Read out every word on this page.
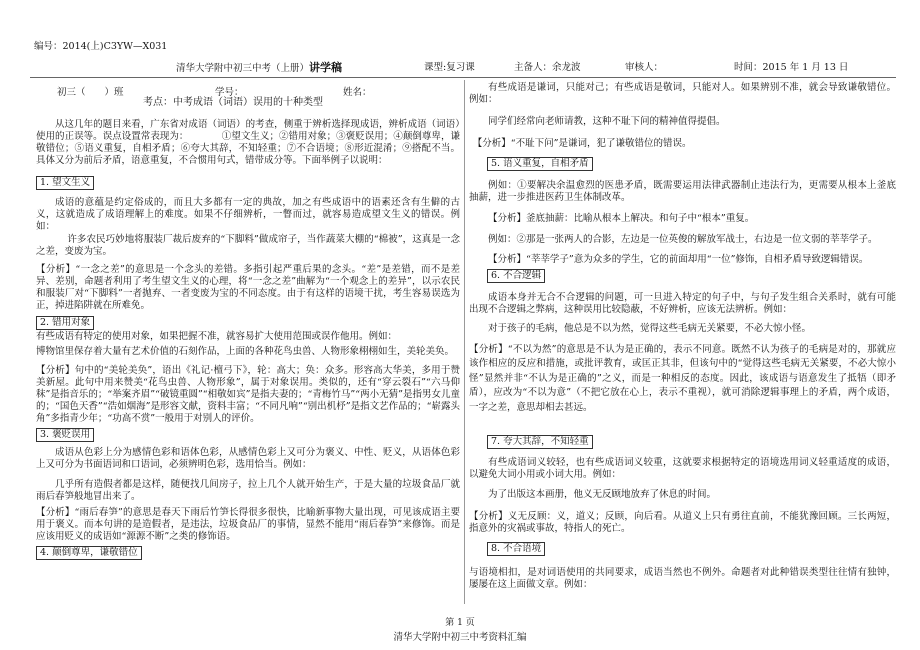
编号：2014(上)C3YW—X031
清华大学附中初三中考（上册）讲学稿	课型:复习课	主备人：余龙波	审核人：	时间：2015 年 1 月 13 日
初三（　　）班	学号：	姓名：

考点：中考成语（词语）误用的十种类型

从这几年的题目来看，广东省对成语（词语）的考查，侧重于辨析选择现成语，辨析成语（词语）使用的正误等。误点设置常表现为：　　　　①望文生义；②错用对象；③褒贬误用；④颠倒尊卑，谦敬错位；⑤语义重复，自相矛盾；⑥夸大其辞，不知轻重；⑦不合语境；⑧形近混淆；⑨搭配不当。具体又分为前后矛盾，语意重复，不合惯用句式，错带成分等。下面举例子以说明：

1. 望文生义

成语的意蕴是约定俗成的，而且大多都有一定的典故，加之有些成语中的语素还含有生僻的古义，这就造成了成语理解上的难度。如果不仔细辨析，一瞥而过，就容易造成望文生义的错误。例如：

许多农民巧妙地将服装厂裁后废弃的“下脚料”做成帘子，当作蔬菜大棚的“棉被”，这真是一念之差，变废为宝。

【分析】“一念之差”的意思是一个念头的差错。多指引起严重后果的念头。“差”是差错，而不是差异、差别，命题者利用了考生望文生义的心理，将“一念之差”曲解为“一个观念上的差异”，以示农民和服装厂对“下脚料”一者抛弃、一者变废为宝的不同态度。由于有这样的语境干扰，考生容易误选为正，掉进陷阱就在所难免。

2. 错用对象

有些成语有特定的使用对象，如果把握不准，就容易扩大使用范围或误作他用。例如：

博物馆里保存着大量有艺术价值的石刻作品，上面的各种花鸟虫兽、人物形象栩栩如生，美轮美奂。

【分析】句中的“美轮美奂”，语出《礼记·檀弓下》，轮：高大；奂：众多。形容高大华美，多用于赞美新屋。此句中用来赞美“花鸟虫兽、人物形象”，属于对象误用。类似的，还有“穿云裂石”“六马仰秣”是指音乐的；“举案齐眉”“破镜重圆”“相敬如宾”是指夫妻的；“青梅竹马”“两小无猜”是指男女儿童的；“国色天香”“浩如烟海”是形容文献，资料丰富；“不同凡响”“别出机杼”是指文艺作品的；“崭露头角”多指青少年；“功高不赏”一般用于对别人的评价。

3. 褒贬误用

成语从色彩上分为感情色彩和语体色彩，从感情色彩上又可分为褒义、中性、贬义，从语体色彩上又可分为书面语词和口语词，必须辨明色彩，选用恰当。例如：

几乎所有造假者都是这样，随便找几间房子，拉上几个人就开始生产，于是大量的垃圾食品厂就雨后春笋般地冒出来了。

【分析】“雨后春笋”的意思是春天下雨后竹笋长得很多很快，比喻新事物大量出现，可见该成语主要用于褒义。而本句讲的是造假者，是违法，垃圾食品厂的事情，显然不能用“雨后春笋”来修饰。而是应该用贬义的成语如“源源不断”之类的修饰语。

4. 颠倒尊卑，谦敬错位

有些成语是谦词，只能对己；有些成语是敬词，只能对人。如果辨别不准，就会导致谦敬错位。例如：

同学们经常向老师请教，这种不耻下问的精神值得提倡。

【分析】“不耻下问”是谦词，犯了谦敬错位的错误。

5. 语义重复，自相矛盾

例如：①要解决余温愈烈的医患矛盾，既需要运用法律武器制止违法行为，更需要从根本上釜底抽薪，进一步推进医药卫生体制改革。

【分析】釜底抽薪：比喻从根本上解决。和句子中“根本”重复。

例如：②那是一张两人的合影，左边是一位英俊的解放军战士，右边是一位文弱的莘莘学子。

【分析】“莘莘学子”意为众多的学生，它的前面却用“一位”修饰，自相矛盾导致逻辑错误。

6. 不合逻辑

成语本身并无合不合逻辑的问题，可一旦进入特定的句子中，与句子发生组合关系时，就有可能出现不合逻辑之弊病，这种误用比较隐蔽，不好辨析，应该无法辨析。例如：

对于孩子的毛病，他总是不以为然，觉得这些毛病无关紧要，不必大惊小怪。

【分析】“不以为然”的意思是不认为是正确的，表示不同意。既然不认为孩子的毛病是对的，那就应该作相应的反应和措施，或批评教育，或匡正其非，但该句中的“觉得这些毛病无关紧要，不必大惊小怪”显然并非“不认为是正确的”之义，而是一种相反的态度。因此，该成语与语意发生了抵牾（即矛盾），应改为“不以为意”（不把它放在心上，表示不重视），就可消除逻辑事理上的矛盾，两个成语，一字之差，意思却相去甚远。

7. 夸大其辞，不知轻重

有些成语词义较轻，也有些成语词义较重，这就要求根据特定的语境选用词义轻重适度的成语，以避免大词小用或小词大用。例如：

为了出版这本画册，他义无反顾地放弃了休息的时间。

【分析】义无反顾：义，道义；反顾，向后看。从道义上只有勇往直前，不能犹豫回顾。三长两短，指意外的灾祸或事故，特指人的死亡。

8. 不合语境

与语境相扣，是对词语使用的共同要求，成语当然也不例外。命题者对此种错误类型往往情有独钟，屡屡在这上面做文章。例如：

第 1 页
清华大学附中初三中考资料汇编
